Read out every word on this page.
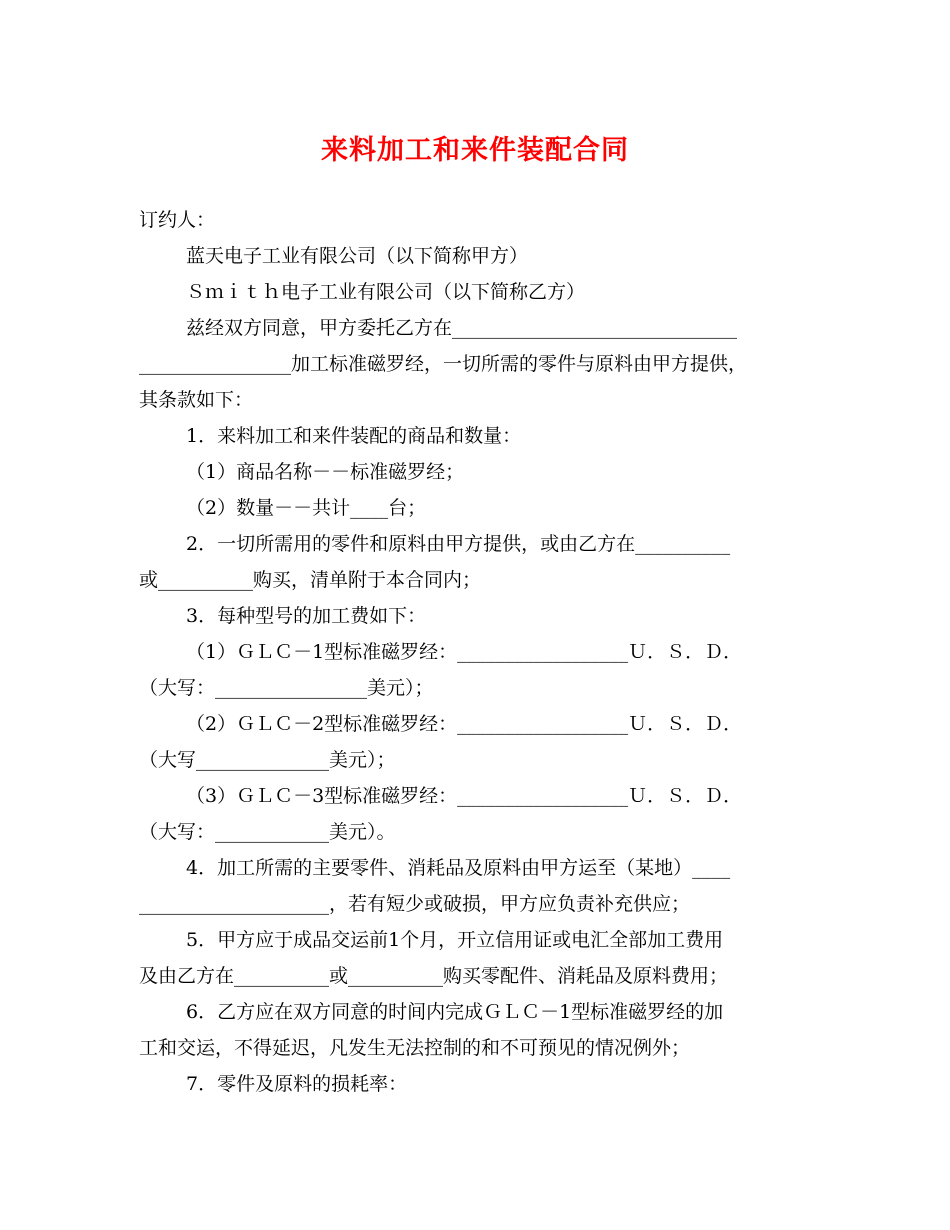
来料加工和来件装配合同
订约人：
蓝天电子工业有限公司（以下简称甲方）
Ｓｍｉｔｈ电子工业有限公司（以下简称乙方）
兹经双方同意，甲方委托乙方在______________________________
________________加工标准磁罗经，一切所需的零件与原料由甲方提供，
其条款如下：
1．来料加工和来件装配的商品和数量：
（1）商品名称－－标准磁罗经；
（2）数量－－共计____台；
2．一切所需用的零件和原料由甲方提供，或由乙方在__________
或__________购买，清单附于本合同内；
3．每种型号的加工费如下：
（1）ＧＬＣ－1型标准磁罗经：__________________Ｕ．Ｓ．Ｄ．
（大写：________________美元）；
（2）ＧＬＣ－2型标准磁罗经：__________________Ｕ．Ｓ．Ｄ．
（大写______________美元）；
（3）ＧＬＣ－3型标准磁罗经：__________________Ｕ．Ｓ．Ｄ．
（大写：____________美元）。
4．加工所需的主要零件、消耗品及原料由甲方运至（某地）____
____________________，若有短少或破损，甲方应负责补充供应；
5．甲方应于成品交运前1个月，开立信用证或电汇全部加工费用
及由乙方在__________或__________购买零配件、消耗品及原料费用；
6．乙方应在双方同意的时间内完成ＧＬＣ－1型标准磁罗经的加
工和交运，不得延迟，凡发生无法控制的和不可预见的情况例外；
7．零件及原料的损耗率：
